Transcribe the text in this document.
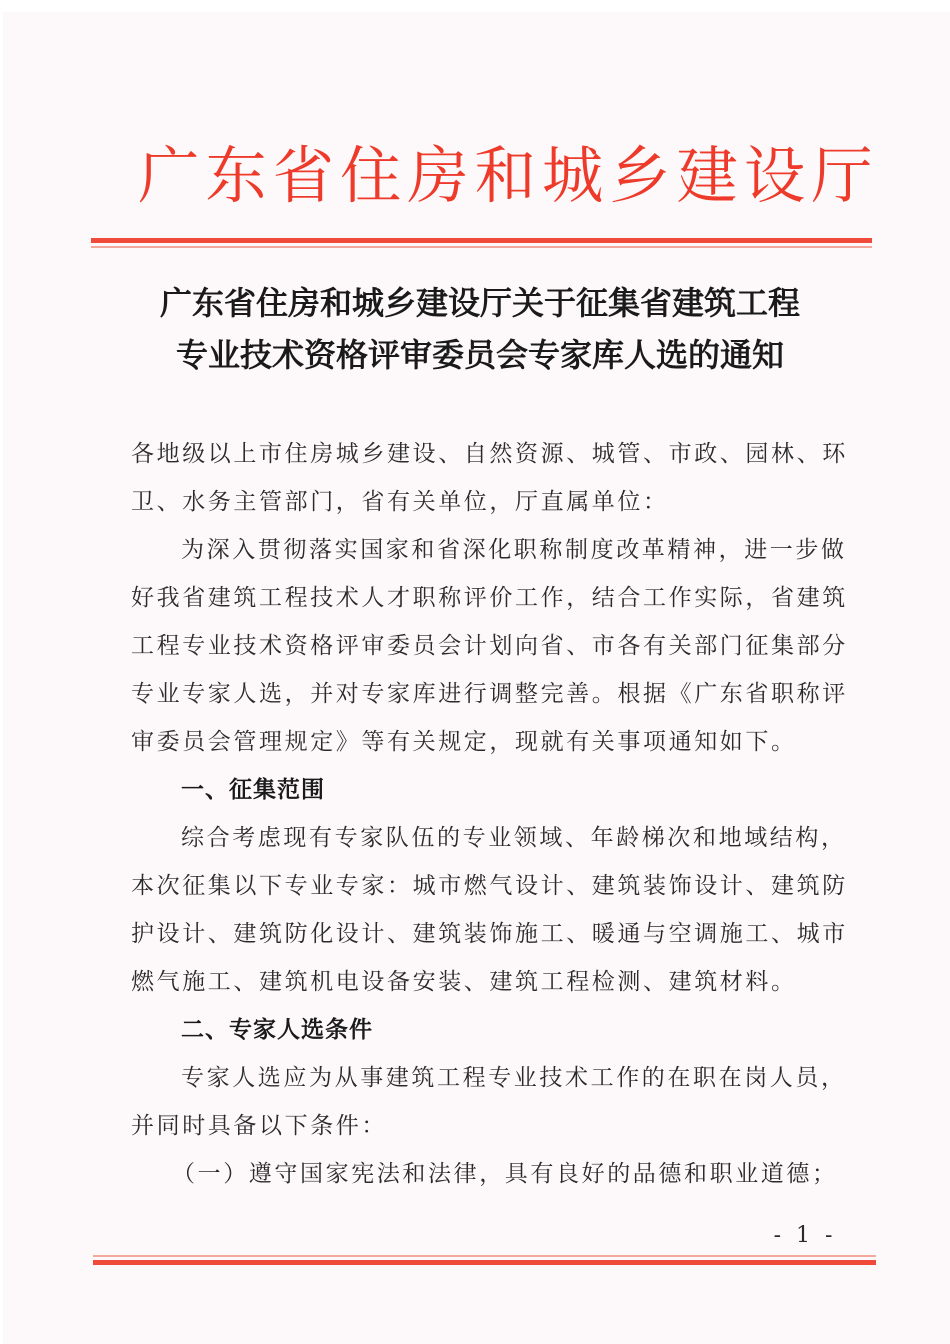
广东省住房和城乡建设厅
广东省住房和城乡建设厅关于征集省建筑工程
专业技术资格评审委员会专家库人选的通知
各地级以上市住房城乡建设、自然资源、城管、市政、园林、环
卫、水务主管部门，省有关单位，厅直属单位：
为深入贯彻落实国家和省深化职称制度改革精神，进一步做
好我省建筑工程技术人才职称评价工作，结合工作实际，省建筑
工程专业技术资格评审委员会计划向省、市各有关部门征集部分
专业专家人选，并对专家库进行调整完善。根据《广东省职称评
审委员会管理规定》等有关规定，现就有关事项通知如下。
一、征集范围
综合考虑现有专家队伍的专业领域、年龄梯次和地域结构，
本次征集以下专业专家：城市燃气设计、建筑装饰设计、建筑防
护设计、建筑防化设计、建筑装饰施工、暖通与空调施工、城市
燃气施工、建筑机电设备安装、建筑工程检测、建筑材料。
二、专家人选条件
专家人选应为从事建筑工程专业技术工作的在职在岗人员，
并同时具备以下条件：
（一）遵守国家宪法和法律，具有良好的品德和职业道德；
- 1 -
